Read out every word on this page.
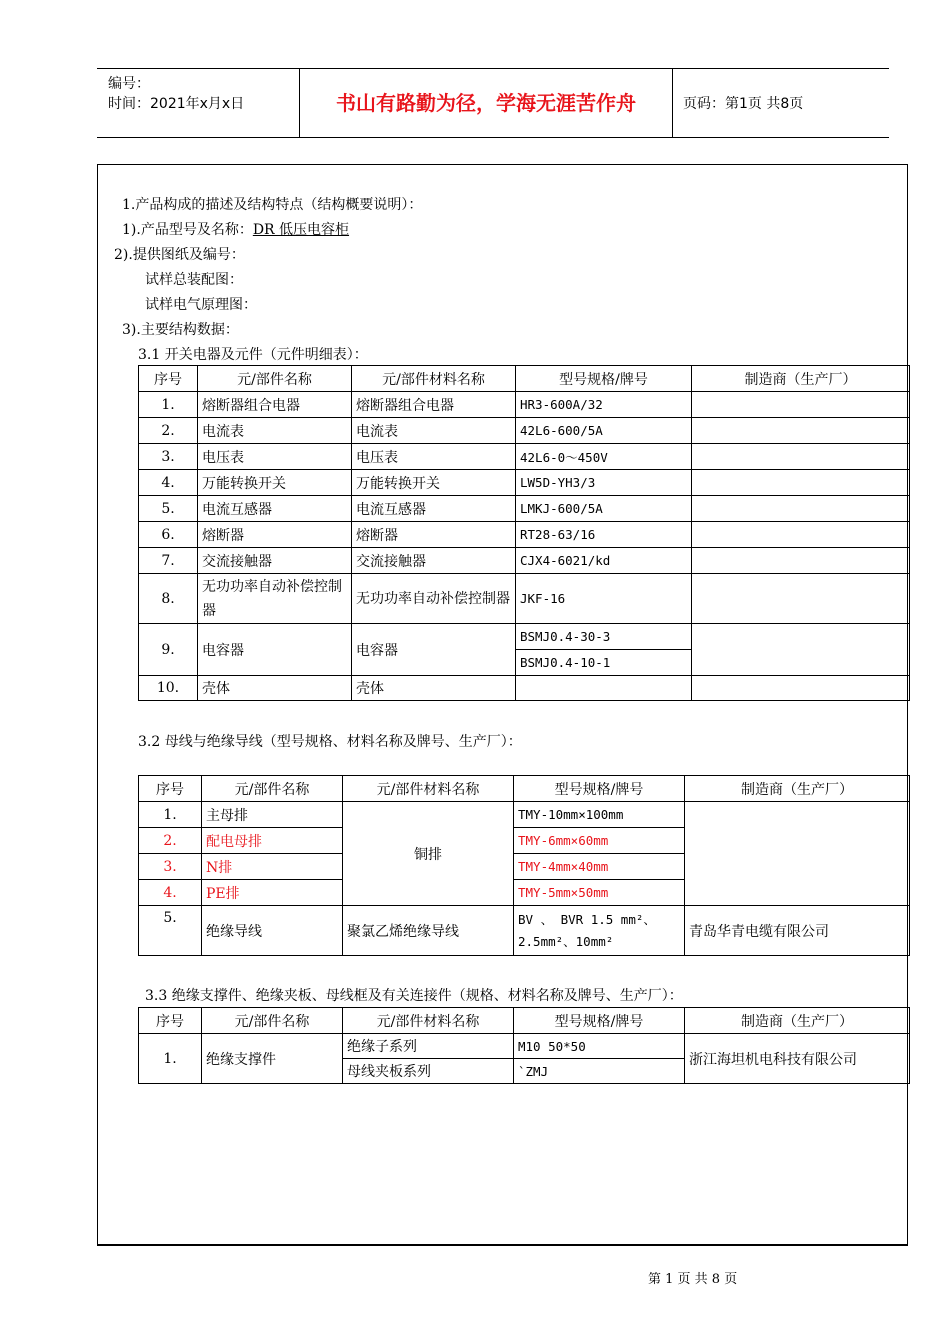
编号：
时间：2021年x月x日	书山有路勤为径，学海无涯苦作舟	页码：第1页 共8页
1.产品构成的描述及结构特点（结构概要说明）：
1).产品型号及名称：DR 低压电容柜
2).提供图纸及编号：
试样总装配图：
试样电气原理图：
3).主要结构数据：
3.1 开关电器及元件（元件明细表）：
序号	元/部件名称	元/部件材料名称	型号规格/牌号	制造商（生产厂）
1.	熔断器组合电器	熔断器组合电器	HR3-600A/32	
2.	电流表	电流表	42L6-600/5A	
3.	电压表	电压表	42L6-0～450V	
4.	万能转换开关	万能转换开关	LW5D-YH3/3	
5.	电流互感器	电流互感器	LMKJ-600/5A	
6.	熔断器	熔断器	RT28-63/16	
7.	交流接触器	交流接触器	CJX4-6021/kd	
8.	无功功率自动补偿控制器	无功功率自动补偿控制器	JKF-16	
9.	电容器	电容器	BSMJ0.4-30-3	
			BSMJ0.4-10-1	
10.	壳体	壳体		
3.2 母线与绝缘导线（型号规格、材料名称及牌号、生产厂）：
序号	元/部件名称	元/部件材料名称	型号规格/牌号	制造商（生产厂）
1.	主母排	铜排	TMY-10mm×100mm	
2.	配电母排		TMY-6mm×60mm	
3.	N排		TMY-4mm×40mm	
4.	PE排		TMY-5mm×50mm	
5.	绝缘导线	聚氯乙烯绝缘导线	BV 、 BVR 1.5 mm²、2.5mm²、10mm²	青岛华青电缆有限公司
3.3 绝缘支撑件、绝缘夹板、母线框及有关连接件（规格、材料名称及牌号、生产厂）：
序号	元/部件名称	元/部件材料名称	型号规格/牌号	制造商（生产厂）
1.	绝缘支撑件	绝缘子系列	M10 50*50	浙江海坦机电科技有限公司
		母线夹板系列	`ZMJ	
第 1 页 共 8 页
